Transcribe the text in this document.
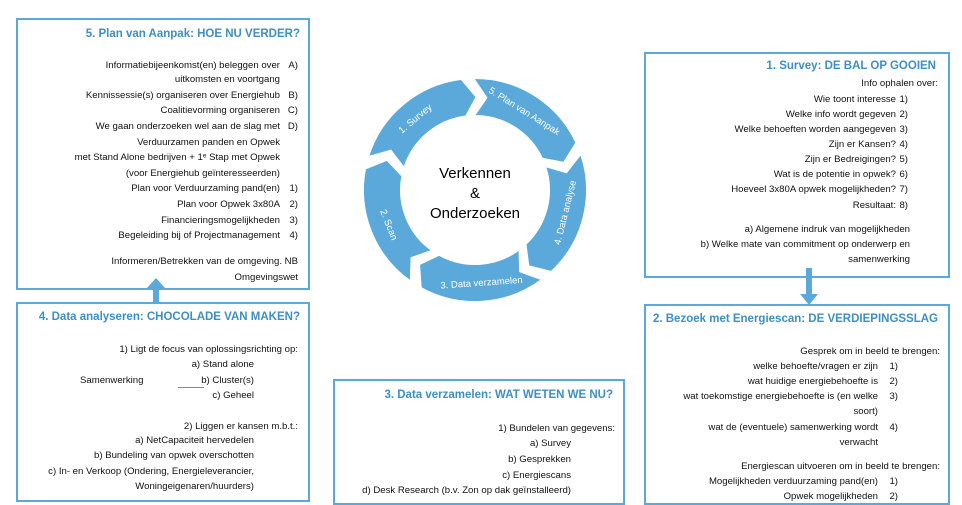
5. Plan van Aanpak: HOE NU VERDER?
Informatiebijeenkomst(en) beleggen over A)
uitkomsten en voortgang
Kennissessie(s) organiseren over Energiehub B)
Coalitievorming organiseren C)
We gaan onderzoeken wel aan de slag met D)
Verduurzamen panden en Opwek
met Stand Alone bedrijven + 1ᵉ Stap met Opwek
(voor Energiehub geïnteresseerden)
Plan voor Verduurzaming pand(en) 1)
Plan voor Opwek 3x80A 2)
Financieringsmogelijkheden 3)
Begeleiding bij of Projectmanagement 4)
Informeren/Betrekken van de omgeving. NB
Omgevingswet
4. Data analyseren: CHOCOLADE VAN MAKEN?
Samenwerking
1) Ligt de focus van oplossingsrichting op:
a) Stand alone
b) Cluster(s)
c) Geheel
2) Liggen er kansen m.b.t.:
a) NetCapaciteit hervedelen
b) Bundeling van opwek overschotten
c) In- en Verkoop (Ondering, Energieleverancier,
Woningeigenaren/huurders)
3. Data verzamelen: WAT WETEN WE NU?
1) Bundelen van gegevens:
a) Survey
b) Gesprekken
c) Energiescans
d) Desk Research (b.v. Zon op dak geïnstalleerd)
1. Survey: DE BAL OP GOOIEN
Info ophalen over:
Wie toont interesse 1)
Welke info wordt gegeven 2)
Welke behoeften worden aangegeven 3)
Zijn er Kansen? 4)
Zijn er Bedreigingen? 5)
Wat is de potentie in opwek? 6)
Hoeveel 3x80A opwek mogelijkheden? 7)
Resultaat: 8)
a) Algemene indruk van mogelijkheden
b) Welke mate van commitment op onderwerp en
samenwerking
2. Bezoek met Energiescan: DE VERDIEPINGSSLAG
Gesprek om in beeld te brengen:
welke behoefte/vragen er zijn 1)
wat huidige energiebehoefte is 2)
wat toekomstige energiebehoefte is (en welke 3)
soort)
wat de (eventuele) samenwerking wordt 4)
verwacht
Energiescan uitvoeren om in beeld te brengen:
Mogelijkheden verduurzaming pand(en) 1)
Opwek mogelijkheden 2)
1. Survey	5. Plan van Aanpak
4. Data analyse
3. Data verzamelen
2. Scan
Verkennen
&
Onderzoeken
